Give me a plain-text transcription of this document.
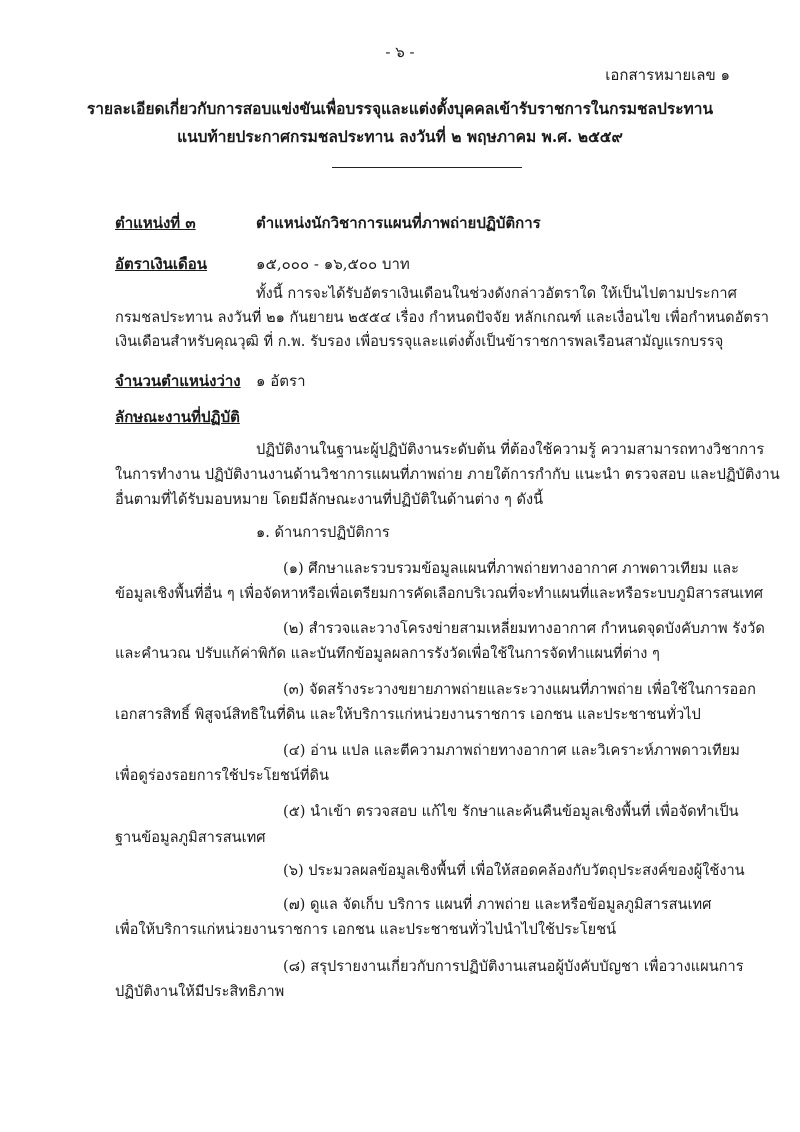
- ๖ -
เอกสารหมายเลข ๑
รายละเอียดเกี่ยวกับการสอบแข่งขันเพื่อบรรจุและแต่งตั้งบุคคลเข้ารับราชการในกรมชลประทาน
แนบท้ายประกาศกรมชลประทาน ลงวันที่ ๒ พฤษภาคม พ.ศ. ๒๕๕๙
ตำแหน่งที่ ๓	ตำแหน่งนักวิชาการแผนที่ภาพถ่ายปฏิบัติการ
อัตราเงินเดือน	๑๕,๐๐๐ - ๑๖,๕๐๐ บาท
ทั้งนี้ การจะได้รับอัตราเงินเดือนในช่วงดังกล่าวอัตราใด ให้เป็นไปตามประกาศ
กรมชลประทาน ลงวันที่ ๒๑ กันยายน ๒๕๕๔ เรื่อง กำหนดปัจจัย หลักเกณฑ์ และเงื่อนไข เพื่อกำหนดอัตรา
เงินเดือนสำหรับคุณวุฒิ ที่ ก.พ. รับรอง เพื่อบรรจุและแต่งตั้งเป็นข้าราชการพลเรือนสามัญแรกบรรจุ
จำนวนตำแหน่งว่าง ๑ อัตรา
ลักษณะงานที่ปฏิบัติ
ปฏิบัติงานในฐานะผู้ปฏิบัติงานระดับต้น ที่ต้องใช้ความรู้ ความสามารถทางวิชาการ
ในการทำงาน ปฏิบัติงานงานด้านวิชาการแผนที่ภาพถ่าย ภายใต้การกำกับ แนะนำ ตรวจสอบ และปฏิบัติงาน
อื่นตามที่ได้รับมอบหมาย โดยมีลักษณะงานที่ปฏิบัติในด้านต่าง ๆ ดังนี้
๑. ด้านการปฏิบัติการ
(๑) ศึกษาและรวบรวมข้อมูลแผนที่ภาพถ่ายทางอากาศ ภาพดาวเทียม และ
ข้อมูลเชิงพื้นที่อื่น ๆ เพื่อจัดหาหรือเพื่อเตรียมการคัดเลือกบริเวณที่จะทำแผนที่และหรือระบบภูมิสารสนเทศ
(๒) สำรวจและวางโครงข่ายสามเหลี่ยมทางอากาศ กำหนดจุดบังคับภาพ รังวัด
และคำนวณ ปรับแก้ค่าพิกัด และบันทึกข้อมูลผลการรังวัดเพื่อใช้ในการจัดทำแผนที่ต่าง ๆ
(๓) จัดสร้างระวางขยายภาพถ่ายและระวางแผนที่ภาพถ่าย เพื่อใช้ในการออก
เอกสารสิทธิ์ พิสูจน์สิทธิในที่ดิน และให้บริการแก่หน่วยงานราชการ เอกชน และประชาชนทั่วไป
(๔) อ่าน แปล และตีความภาพถ่ายทางอากาศ และวิเคราะห์ภาพดาวเทียม
เพื่อดูร่องรอยการใช้ประโยชน์ที่ดิน
(๕) นำเข้า ตรวจสอบ แก้ไข รักษาและค้นคืนข้อมูลเชิงพื้นที่ เพื่อจัดทำเป็น
ฐานข้อมูลภูมิสารสนเทศ
(๖) ประมวลผลข้อมูลเชิงพื้นที่ เพื่อให้สอดคล้องกับวัตถุประสงค์ของผู้ใช้งาน
(๗) ดูแล จัดเก็บ บริการ แผนที่ ภาพถ่าย และหรือข้อมูลภูมิสารสนเทศ
เพื่อให้บริการแก่หน่วยงานราชการ เอกชน และประชาชนทั่วไปนำไปใช้ประโยชน์
(๘) สรุปรายงานเกี่ยวกับการปฏิบัติงานเสนอผู้บังคับบัญชา เพื่อวางแผนการ
ปฏิบัติงานให้มีประสิทธิภาพ
